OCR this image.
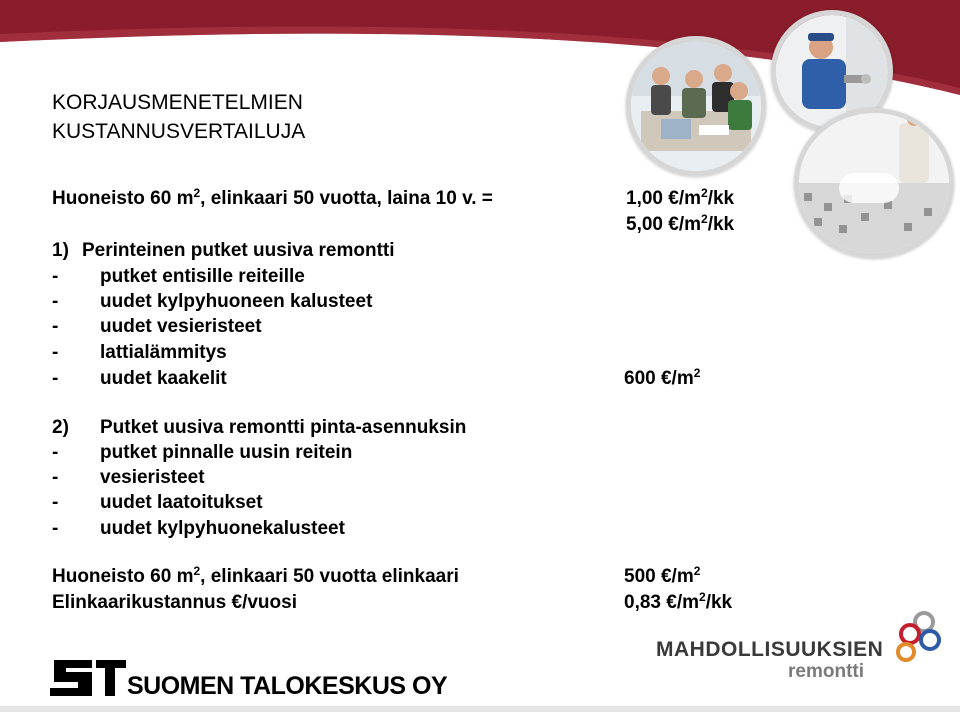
KORJAUSMENETELMIEN
KUSTANNUSVERTAILUJA
Huoneisto 60 $m^2$, elinkaari 50 vuotta, laina 10 v. =	1,00 $€/m^2/kk$
5,00 $€/m^2/kk$
1) Perinteinen putket uusiva remontti
- putket entisille reiteille
- uudet kylpyhuoneen kalusteet
- uudet vesieristeet
- lattialämmitys
- uudet kaakelit	600 $€/m^2$
2) Putket uusiva remontti pinta-asennuksin
- putket pinnalle uusin reitein
- vesieristeet
- uudet laatoitukset
- uudet kylpyhuonekalusteet
Huoneisto 60 $m^2$, elinkaari 50 vuotta elinkaari	500 $€/m^2$
Elinkaarikustannus €/vuosi	0,83 $€/m^2/kk$
SUOMEN TALOKESKUS OY
MAHDOLLISUUKSIEN
remontti
